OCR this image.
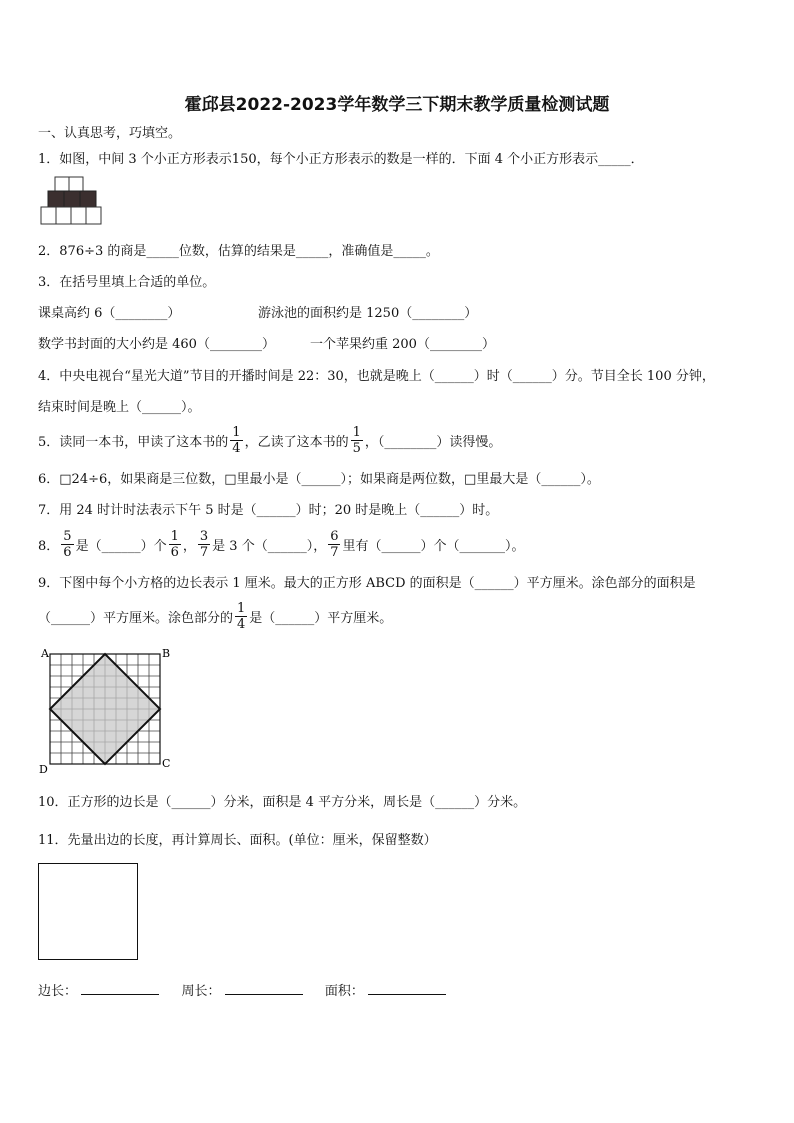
霍邱县2022-2023学年数学三下期末教学质量检测试题
一、认真思考，巧填空。
1．如图，中间 3 个小正方形表示150，每个小正方形表示的数是一样的．下面 4 个小正方形表示_____．
2．876÷3 的商是_____位数，估算的结果是_____，准确值是_____。
3．在括号里填上合适的单位。
课桌高约 6（________）	游泳池的面积约是 1250（________）
数学书封面的大小约是 460（________）	一个苹果约重 200（________）
4．中央电视台“星光大道”节目的开播时间是 22：30，也就是晚上（______）时（______）分。节目全长 100 分钟，
结束时间是晚上（______）。
5．读同一本书，甲读了这本书的 $\frac{1}{4}$ ，乙读了这本书的 $\frac{1}{5}$ ，（________）读得慢。
6．□24÷6，如果商是三位数，□里最小是（______）；如果商是两位数，□里最大是（______）。
7．用 24 时计时法表示下午 5 时是（______）时；20 时是晚上（______）时。
8． $\frac{5}{6}$ 是（______）个 $\frac{1}{6}$ ， $\frac{3}{7}$ 是 3 个（______）， $\frac{6}{7}$ 里有（______）个（_______）。
9．下图中每个小方格的边长表示 1 厘米。最大的正方形 ABCD 的面积是（______）平方厘米。涂色部分的面积是
（______）平方厘米。涂色部分的 $\frac{1}{4}$ 是（______）平方厘米。
A	B
C
D
10．正方形的边长是（______）分米，面积是 4 平方分米，周长是（______）分米。
11．先量出边的长度，再计算周长、面积。(单位：厘米，保留整数）
边长：	周长：	面积：
